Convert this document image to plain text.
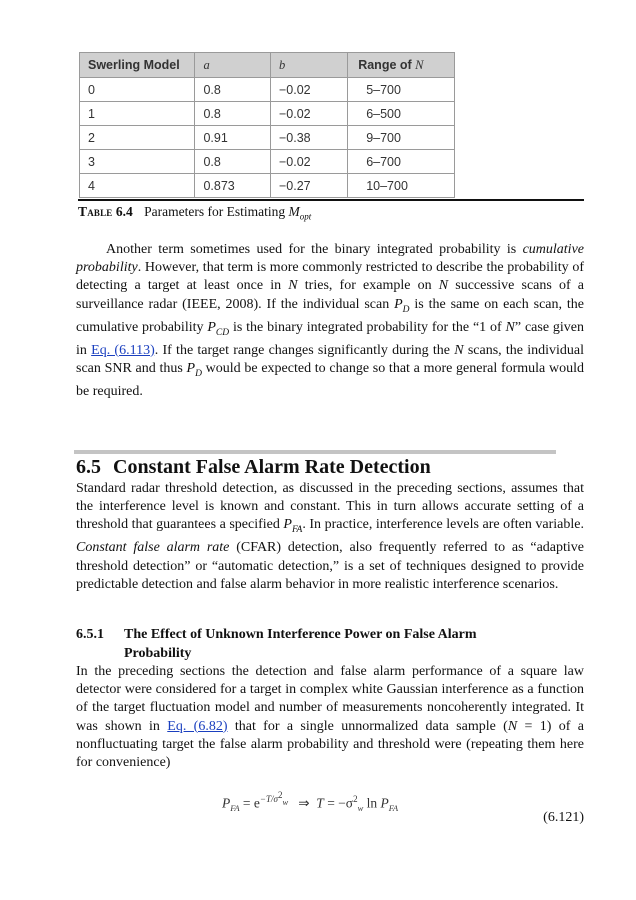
Swerling Model	a	b	Range of N
0	0.8	−0.02	5–700
1	0.8	−0.02	6–500
2	0.91	−0.38	9–700
3	0.8	−0.02	6–700
4	0.873	−0.27	10–700
Table 6.4 Parameters for Estimating $M_{opt}$

Another term sometimes used for the binary integrated probability is cumulative probability. However, that term is more commonly restricted to describe the probability of detecting a target at least once in N tries, for example on N successive scans of a surveillance radar (IEEE, 2008). If the individual scan $P_D$ is the same on each scan, the cumulative probability $P_{CD}$ is the binary integrated probability for the “1 of N” case given in Eq. (6.113). If the target range changes significantly during the N scans, the individual scan SNR and thus $P_D$ would be expected to change so that a more general formula would be required.

6.5 Constant False Alarm Rate Detection

Standard radar threshold detection, as discussed in the preceding sections, assumes that the interference level is known and constant. This in turn allows accurate setting of a threshold that guarantees a specified $P_{FA}$. In practice, interference levels are often variable. Constant false alarm rate (CFAR) detection, also frequently referred to as “adaptive threshold detection” or “automatic detection,” is a set of techniques designed to provide predictable detection and false alarm behavior in more realistic interference scenarios.

6.5.1 The Effect of Unknown Interference Power on False Alarm
Probability

In the preceding sections the detection and false alarm performance of a square law detector were considered for a target in complex white Gaussian interference as a function of the target fluctuation model and number of measurements noncoherently integrated. It was shown in Eq. (6.82) that for a single unnormalized data sample (N = 1) of a nonfluctuating target the false alarm probability and threshold were (repeating them here for convenience)

$P_{FA} = e^{-T/\sigma^2_w}$ ⇒ $T = -\sigma^2_w$ $\ln P_{FA}$
(6.121)
